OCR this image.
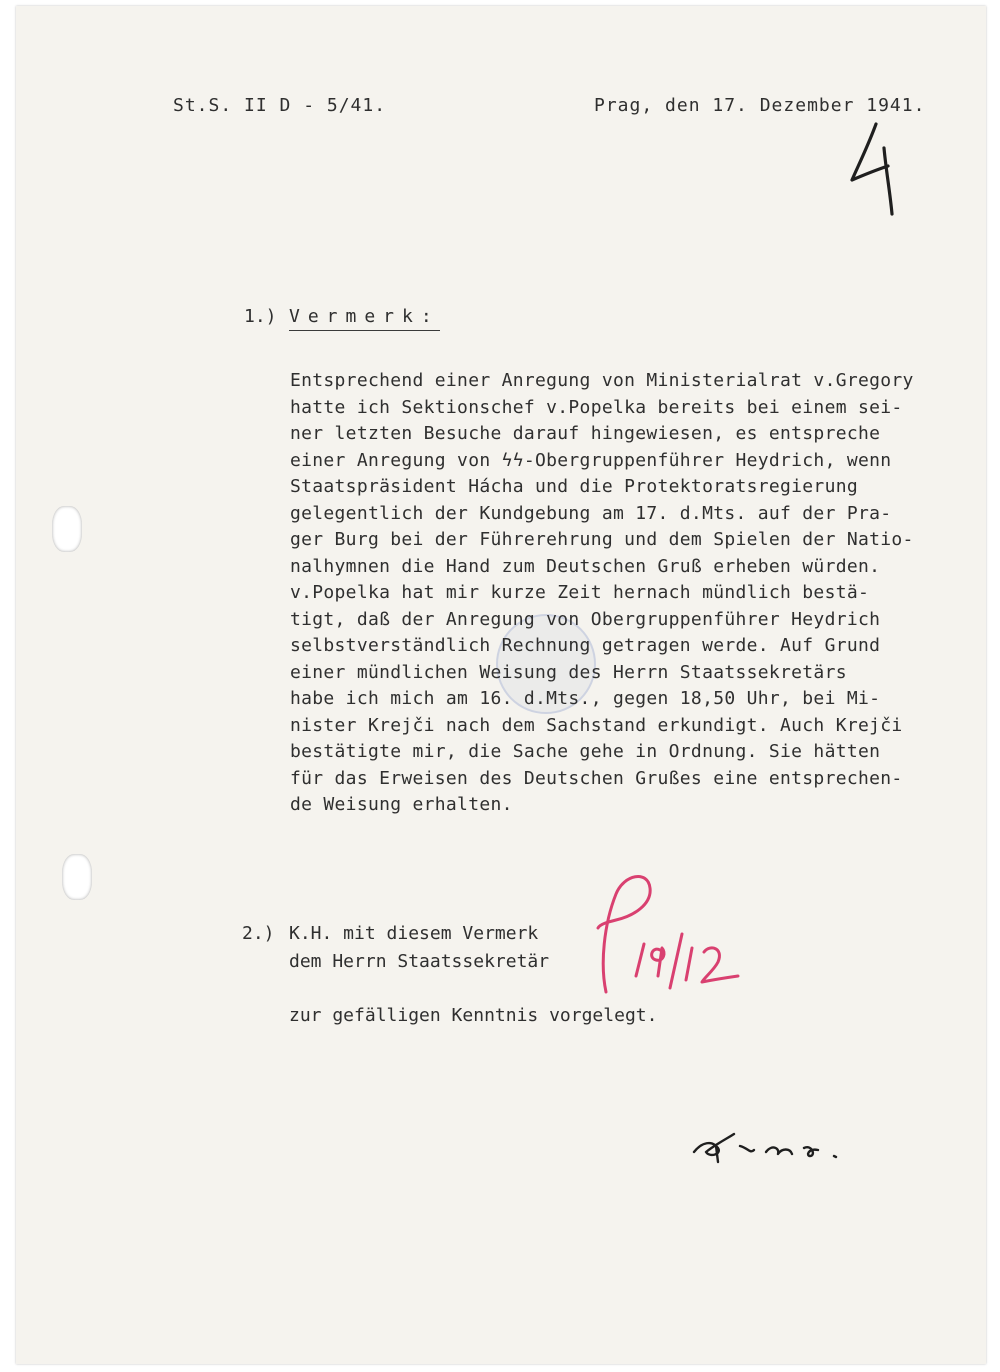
St.S. II D - 5/41.	Prag, den 17. Dezember 1941.
1.) Vermerk:
Entsprechend einer Anregung von Ministerialrat v.Gregory
hatte ich Sektionschef v.Popelka bereits bei einem sei-
ner letzten Besuche darauf hingewiesen, es entspreche
einer Anregung von ϟϟ-Obergruppenführer Heydrich, wenn
Staatspräsident Hácha und die Protektoratsregierung
gelegentlich der Kundgebung am 17. d.Mts. auf der Pra-
ger Burg bei der Führerehrung und dem Spielen der Natio-
nalhymnen die Hand zum Deutschen Gruß erheben würden.
v.Popelka hat mir kurze Zeit hernach mündlich bestä-
tigt, daß der Anregung von Obergruppenführer Heydrich
selbstverständlich Rechnung getragen werde. Auf Grund
einer mündlichen Weisung des Herrn Staatssekretärs
habe ich mich am 16. d.Mts., gegen 18,50 Uhr, bei Mi-
nister Krejči nach dem Sachstand erkundigt. Auch Krejči
bestätigte mir, die Sache gehe in Ordnung. Sie hätten
für das Erweisen des Deutschen Grußes eine entsprechen-
de Weisung erhalten.
2.) K.H. mit diesem Vermerk
dem Herrn Staatssekretär
zur gefälligen Kenntnis vorgelegt.
